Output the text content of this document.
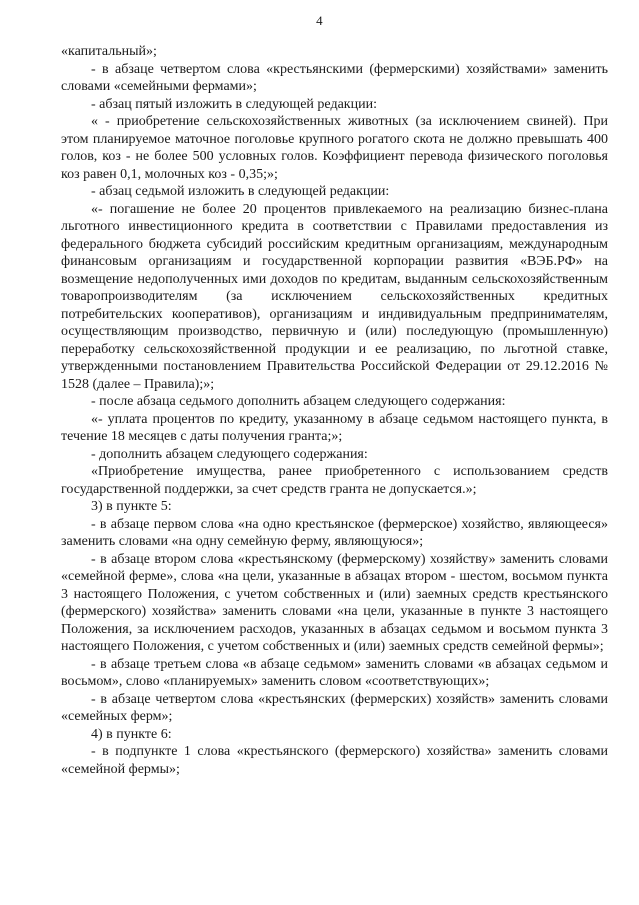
4

«капитальный»;

- в абзаце четвертом слова «крестьянскими (фермерскими) хозяйствами» заменить словами «семейными фермами»;

- абзац пятый изложить в следующей редакции:

« - приобретение сельскохозяйственных животных (за исключением свиней). При этом планируемое маточное поголовье крупного рогатого скота не должно превышать 400 голов, коз - не более 500 условных голов. Коэффициент перевода физического поголовья коз равен 0,1, молочных коз - 0,35;»;

- абзац седьмой изложить в следующей редакции:

«- погашение не более 20 процентов привлекаемого на реализацию бизнес-плана льготного инвестиционного кредита в соответствии с Правилами предоставления из федерального бюджета субсидий российским кредитным организациям, международным финансовым организациям и государственной корпорации развития «ВЭБ.РФ» на возмещение недополученных ими доходов по кредитам, выданным сельскохозяйственным товаропроизводителям (за исключением сельскохозяйственных кредитных потребительских кооперативов), организациям и индивидуальным предпринимателям, осуществляющим производство, первичную и (или) последующую (промышленную) переработку сельскохозяйственной продукции и ее реализацию, по льготной ставке, утвержденными постановлением Правительства Российской Федерации от 29.12.2016 № 1528 (далее – Правила);»;

- после абзаца седьмого дополнить абзацем следующего содержания:

«- уплата процентов по кредиту, указанному в абзаце седьмом настоящего пункта, в течение 18 месяцев с даты получения гранта;»;

- дополнить абзацем следующего содержания:

«Приобретение имущества, ранее приобретенного с использованием средств государственной поддержки, за счет средств гранта не допускается.»;

3) в пункте 5:

- в абзаце первом слова «на одно крестьянское (фермерское) хозяйство, являющееся» заменить словами «на одну семейную ферму, являющуюся»;

- в абзаце втором слова «крестьянскому (фермерскому) хозяйству» заменить словами «семейной ферме», слова «на цели, указанные в абзацах втором - шестом, восьмом пункта 3 настоящего Положения, с учетом собственных и (или) заемных средств крестьянского (фермерского) хозяйства» заменить словами «на цели, указанные в пункте 3 настоящего Положения, за исключением расходов, указанных в абзацах седьмом и восьмом пункта 3 настоящего Положения, с учетом собственных и (или) заемных средств семейной фермы»;

- в абзаце третьем слова «в абзаце седьмом» заменить словами «в абзацах седьмом и восьмом», слово «планируемых» заменить словом «соответствующих»;

- в абзаце четвертом слова «крестьянских (фермерских) хозяйств» заменить словами «семейных ферм»;

4) в пункте 6:

- в подпункте 1 слова «крестьянского (фермерского) хозяйства» заменить словами «семейной фермы»;
